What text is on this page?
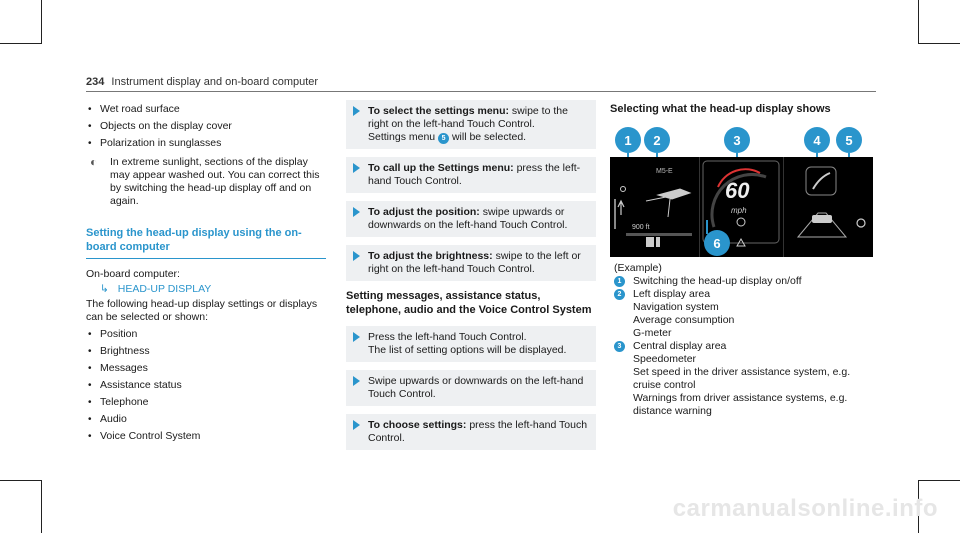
234 Instrument display and on-board computer
• Wet road surface
• Objects on the display cover
• Polarization in sunglasses
◐ In extreme sunlight, sections of the display may appear washed out. You can correct this by switching the head-up display off and on again.
Setting the head-up display using the on-board computer
On-board computer:
↳ HEAD-UP DISPLAY
The following head-up display settings or displays can be selected or shown:
• Position
• Brightness
• Messages
• Assistance status
• Telephone
• Audio
• Voice Control System
To select the settings menu: swipe to the right on the left-hand Touch Control.
Settings menu 5 will be selected.
To call up the Settings menu: press the left-hand Touch Control.
To adjust the position: swipe upwards or downwards on the left-hand Touch Control.
To adjust the brightness: swipe to the left or right on the left-hand Touch Control.
Setting messages, assistance status, telephone, audio and the Voice Control System
Press the left-hand Touch Control.
The list of setting options will be displayed.
Swipe upwards or downwards on the left-hand Touch Control.
To choose settings: press the left-hand Touch Control.
Selecting what the head-up display shows
1	2	3	4	5
M5-E
900 ft
60
mph
6
(Example)
1	Switching the head-up display on/off
2	Left display area
Navigation system
Average consumption
G-meter
3	Central display area
Speedometer
Set speed in the driver assistance system, e.g. cruise control
Warnings from driver assistance systems, e.g. distance warning
carmanualsonline.info
